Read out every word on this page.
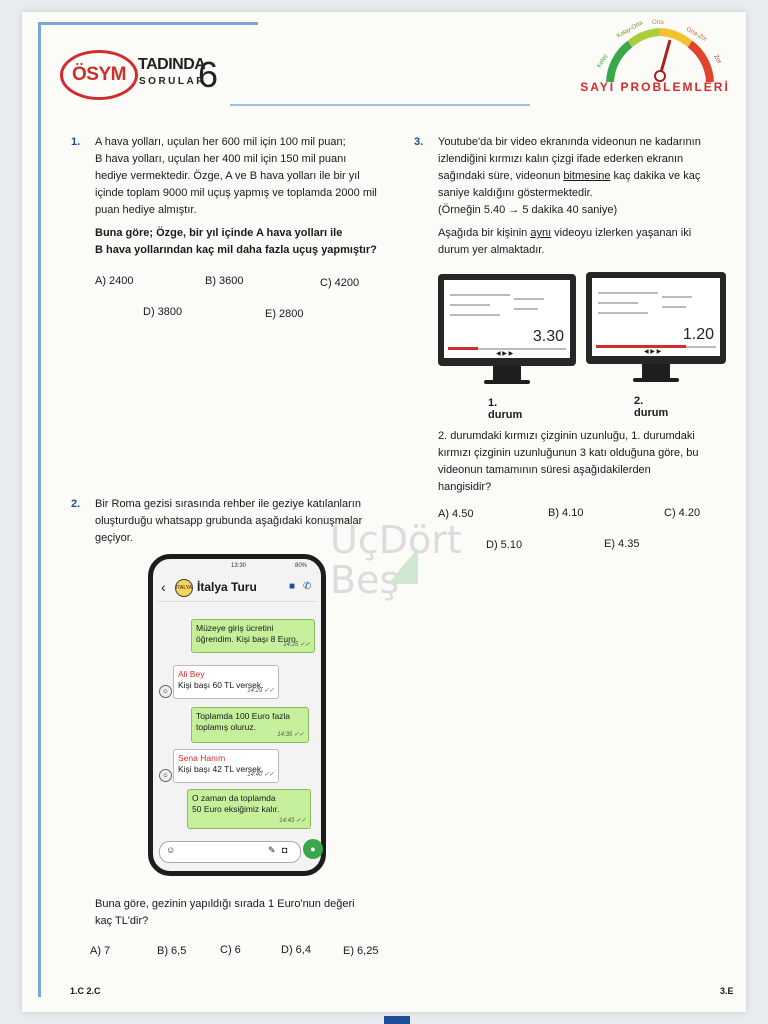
ÖSYM TADINDA
SORULAR
6	Kolay
Kolay-Orta Orta
Orta-Zor
Zor
SAYI PROBLEMLERİ
1. A hava yolları, uçulan her 600 mil için 100 mil puan;
B hava yolları, uçulan her 400 mil için 150 mil puanı
hediye vermektedir. Özge, A ve B hava yolları ile bir yıl
içinde toplam 9000 mil uçuş yapmış ve toplamda 2000 mil
puan hediye almıştır.
Buna göre; Özge, bir yıl içinde A hava yolları ile
B hava yollarından kaç mil daha fazla uçuş yapmıştır?
A) 2400	B) 3600	C) 4200
D) 3800	E) 2800
3. Youtube'da bir video ekranında videonun ne kadarının
izlendiğini kırmızı kalın çizgi ifade ederken ekranın
sağındaki süre, videonun bitmesine kaç dakika ve kaç
saniye kaldığını göstermektedir.
(Örneğin 5.40 → 5 dakika 40 saniye)
Aşağıda bir kişinin aynı videoyu izlerken yaşanan iki
durum yer almaktadır.
3.30
◀ ▶ ▶
1. durum
1.20
◀ ▶ ▶
2. durum
2. durumdaki kırmızı çizginin uzunluğu, 1. durumdaki
kırmızı çizginin uzunluğunun 3 katı olduğuna göre, bu
videonun tamamının süresi aşağıdakilerden
hangisidir?
A) 4.50	B) 4.10	C) 4.20
D) 5.10	E) 4.35
ÜçDört
Beş
2. Bir Roma gezisi sırasında rehber ile geziye katılanların
oluşturduğu whatsapp grubunda aşağıdaki konuşmalar
geçiyor.
13:30	80%
‹ İTALYA İtalya Turu	■ ✆
Müzeye giriş ücretini
öğrendim. Kişi başı 8 Euro.
14:25 ✓✓
☺
Ali Bey
Kişi başı 60 TL versek.
14:29 ✓✓
Toplamda 100 Euro fazla
toplamış oluruz.
14:35 ✓✓
☺
Sena Hanım
Kişi başı 42 TL versek.
14:40 ✓✓
O zaman da toplamda
50 Euro eksiğimiz kalır.
14:43 ✓✓
☺	✎ ◘	●
Buna göre, gezinin yapıldığı sırada 1 Euro'nun değeri
kaç TL'dir?
A) 7	B) 6,5	C) 6	D) 6,4	E) 6,25
1.C 2.C	3.E
